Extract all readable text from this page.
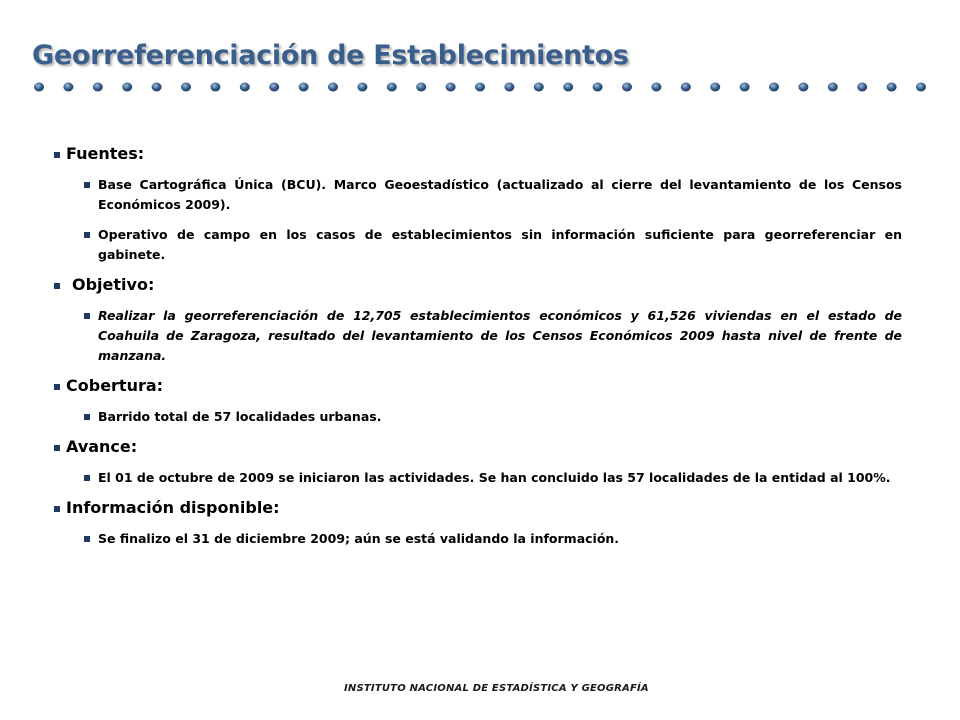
Georreferenciación de Establecimientos
Fuentes:
Base Cartográfica Única (BCU). Marco Geoestadístico (actualizado al cierre del levantamiento de los Censos Económicos 2009).
Operativo de campo en los casos de establecimientos sin información suficiente para georreferenciar en gabinete.
Objetivo:
Realizar la georreferenciación de 12,705 establecimientos económicos y 61,526 viviendas en el estado de Coahuila de Zaragoza, resultado del levantamiento de los Censos Económicos 2009 hasta nivel de frente de manzana.
Cobertura:
Barrido total de 57 localidades urbanas.
Avance:
El 01 de octubre de 2009 se iniciaron las actividades. Se han concluido las 57 localidades de la entidad al 100%.
Información disponible:
Se finalizo el 31 de diciembre 2009; aún se está validando la información.
INSTITUTO NACIONAL DE ESTADÍSTICA Y GEOGRAFÍA
